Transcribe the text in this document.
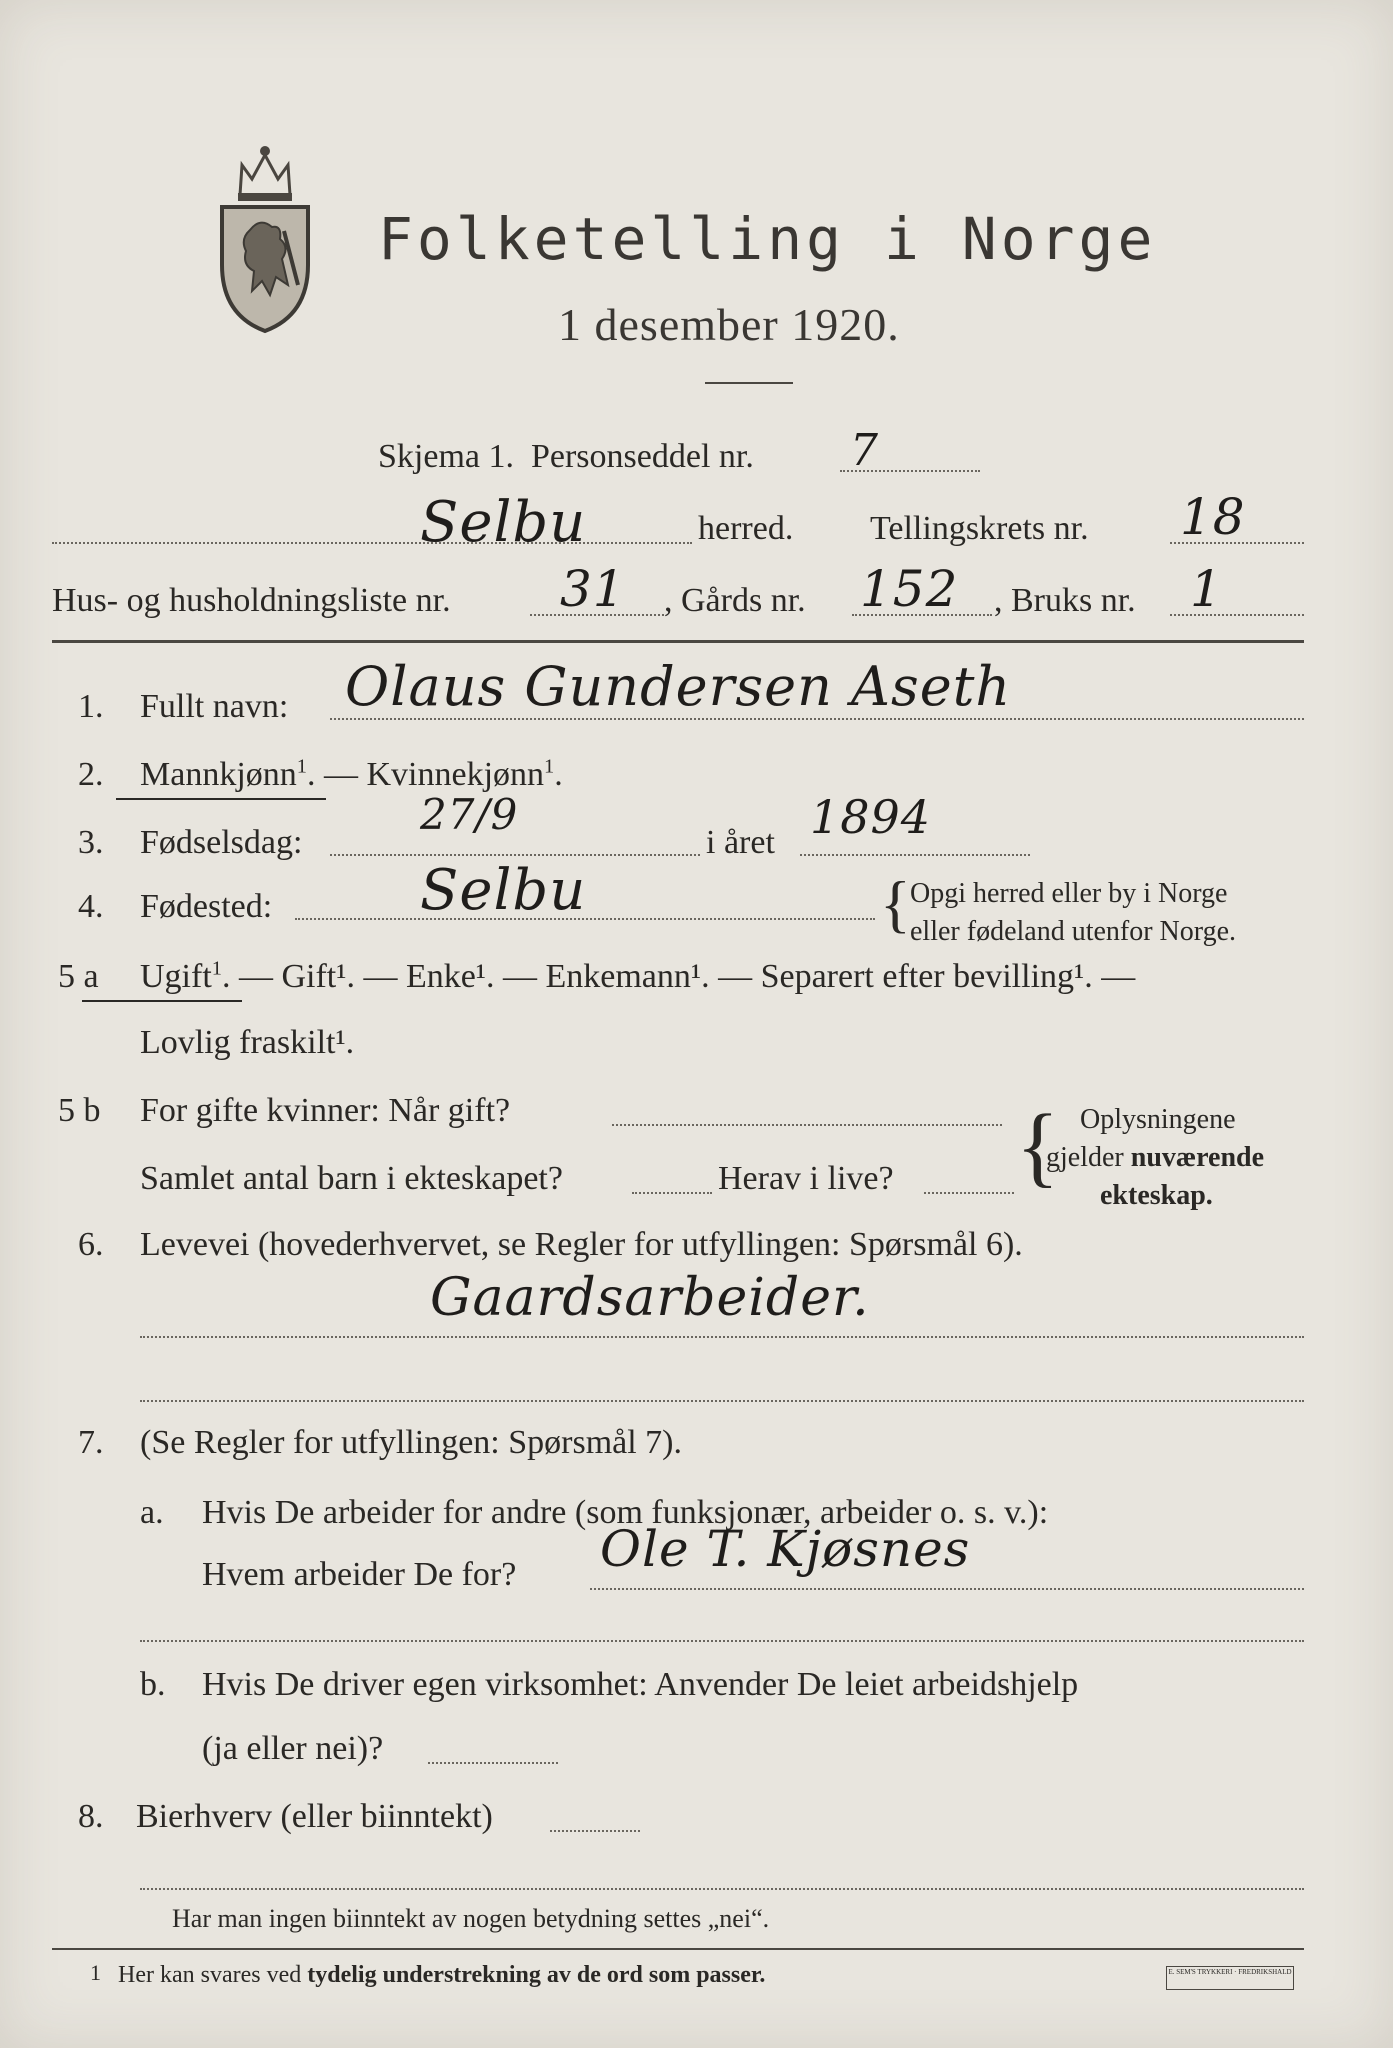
Folketelling i Norge
1 desember 1920.
Skjema 1. Personseddel nr. 7
Selbu	herred. Tellingskrets nr. 18
Hus- og husholdningsliste nr. 31 , Gårds nr. 152 , Bruks nr. 1
1. Fullt navn: Olaus Gundersen Aseth
2. Mannkjønn$^1$. — Kvinnekjønn$^1$.
3. Fødselsdag:
27/9
i året 1894
4. Fødested:	Selbu	{ Opgi herred eller by i Norge
eller fødeland utenfor Norge.
5 a Ugift$^1$. — Gift¹. — Enke¹. — Enkemann¹. — Separert efter bevilling¹. —
Lovlig fraskilt¹.
5 b For gifte kvinner: Når gift?
Samlet antal barn i ekteskapet?	Herav i live? { Oplysningene
gjelder nuværende
ekteskap.
6. Levevei (hovederhvervet, se Regler for utfyllingen: Spørsmål 6).
Gaardsarbeider.
7. (Se Regler for utfyllingen: Spørsmål 7).
a. Hvis De arbeider for andre (som funksjonær, arbeider o. s. v.):
Hvem arbeider De for? Ole T. Kjøsnes
b. Hvis De driver egen virksomhet: Anvender De leiet arbeidshjelp
(ja eller nei)?
8. Bierhverv (eller biinntekt)
Har man ingen biinntekt av nogen betydning settes „nei“.
1 Her kan svares ved tydelig understrekning av de ord som passer.	E. SEM'S TRYKKERI · FREDRIKSHALD
